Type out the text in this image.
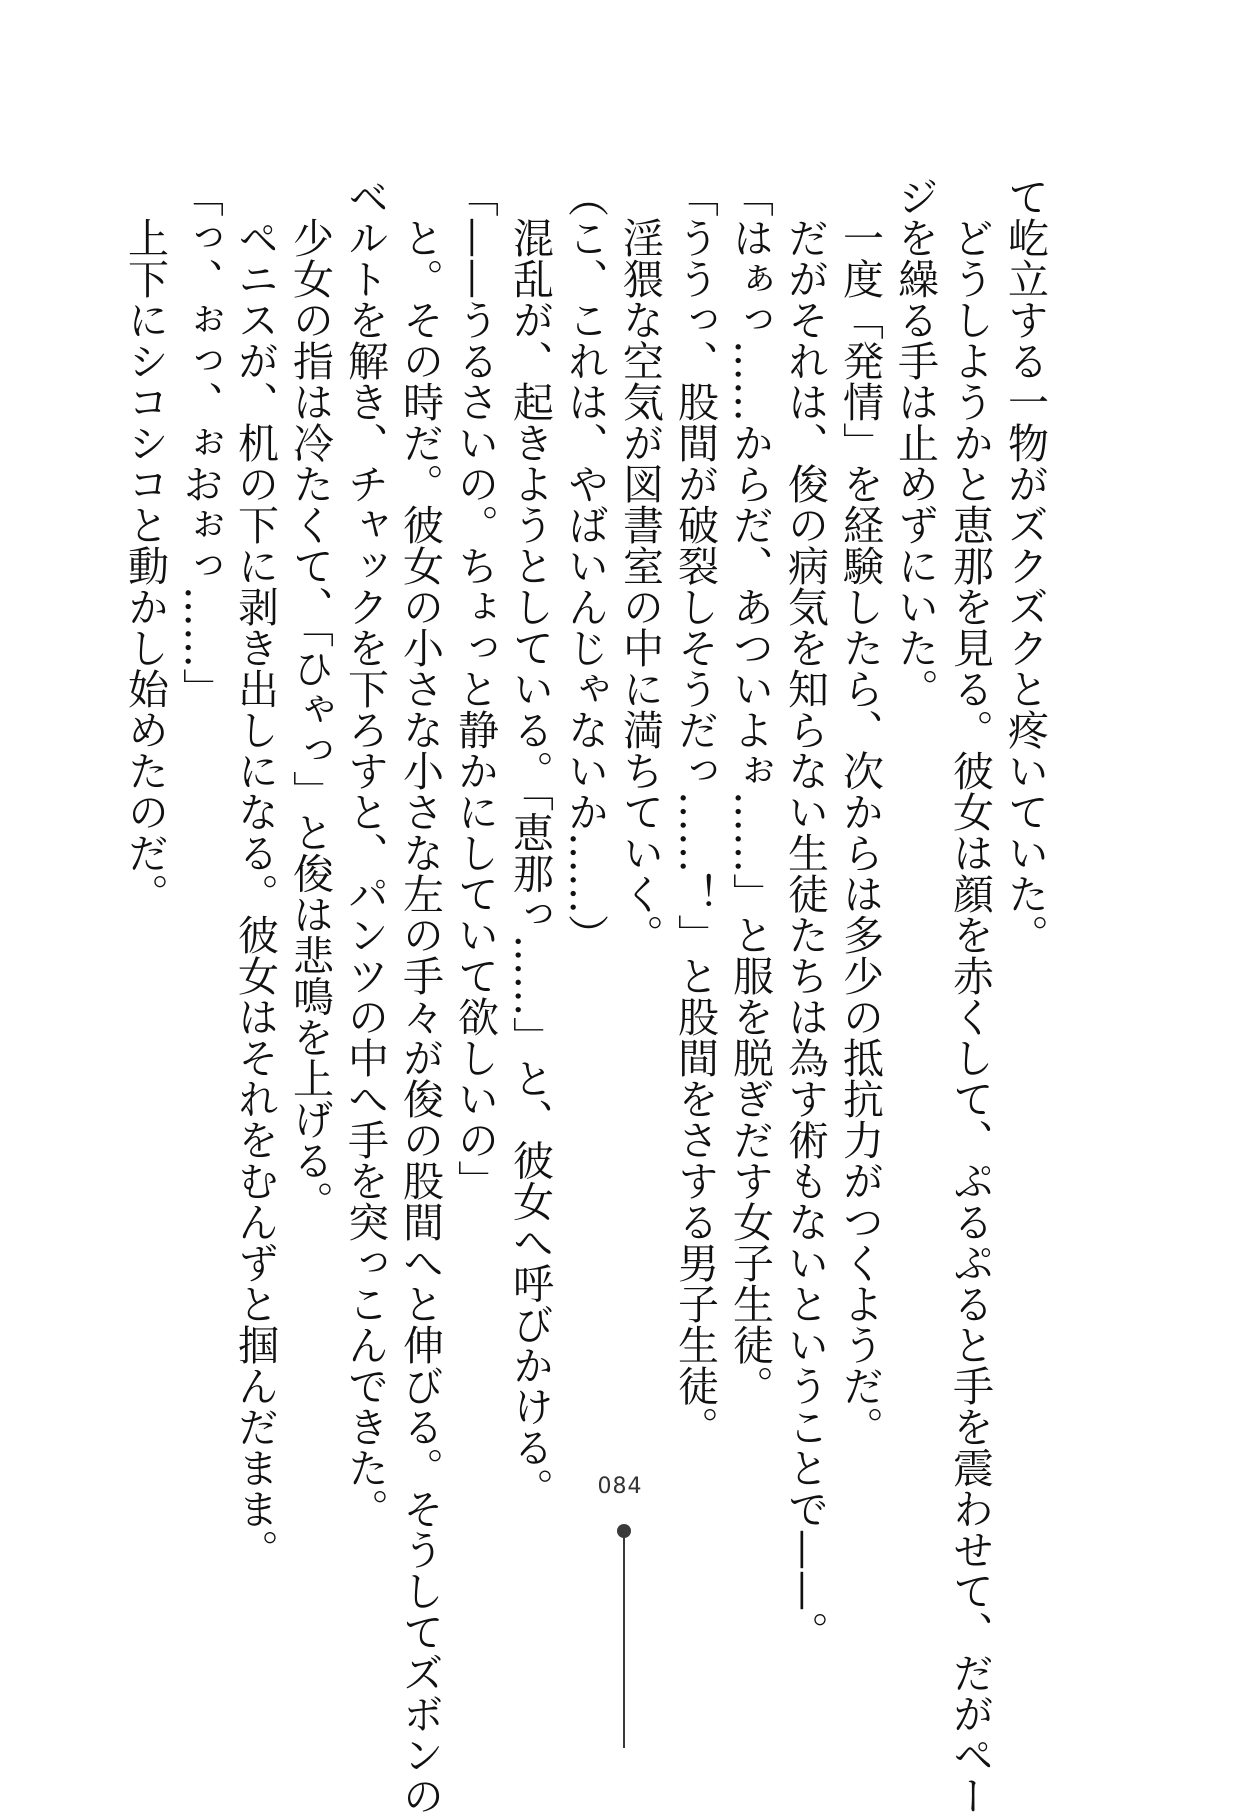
て屹立する一物がズクズクと疼いていた。
　どうしようかと恵那を見る。彼女は顔を赤くして、ぷるぷると手を震わせて、だがペー
ジを繰る手は止めずにいた。
　一度「発情」を経験したら、次からは多少の抵抗力がつくようだ。
　だがそれは、俊の病気を知らない生徒たちは為す術もないということで——。
「はぁっ……からだ、あついよぉ……」と服を脱ぎだす女子生徒。
「ううっ、股間が破裂しそうだっ……！」と股間をさする男子生徒。
　淫猥な空気が図書室の中に満ちていく。
（こ、これは、やばいんじゃないか……）
　混乱が、起きようとしている。「恵那っ……」と、彼女へ呼びかける。
「——うるさいの。ちょっと静かにしていて欲しいの」
　と。その時だ。彼女の小さな小さな左の手々が俊の股間へと伸びる。そうしてズボンの
ベルトを解き、チャックを下ろすと、パンツの中へ手を突っこんできた。
　少女の指は冷たくて、「ひゃっ」と俊は悲鳴を上げる。
　ペニスが、机の下に剥き出しになる。彼女はそれをむんずと掴んだまま。
「っ、ぉっ、ぉおぉっ……」
　上下にシコシコと動かし始めたのだ。
084
